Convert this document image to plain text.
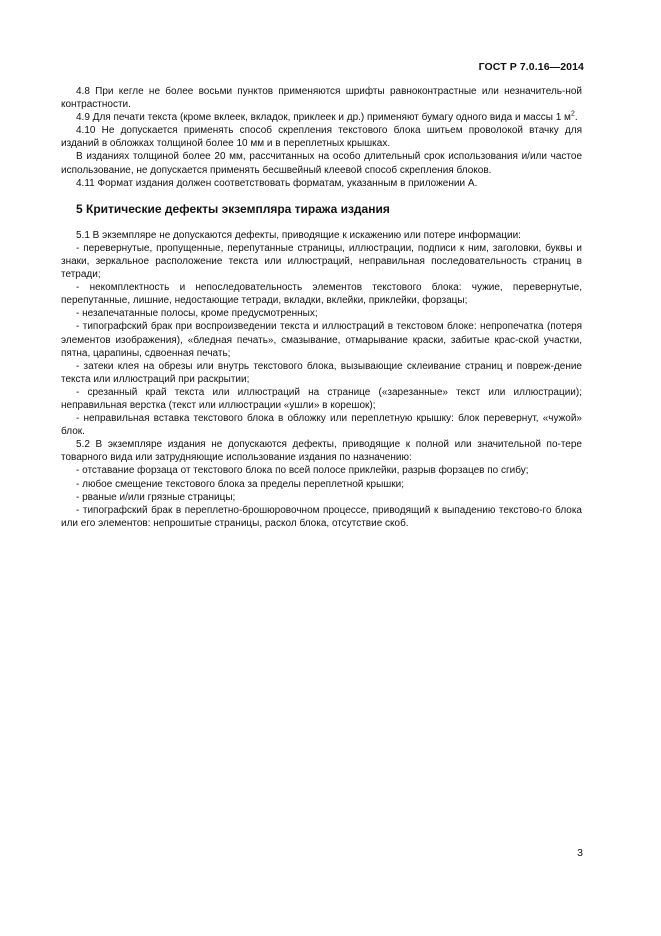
ГОСТ Р 7.0.16—2014

4.8 При кегле не более восьми пунктов применяются шрифты равноконтрастные или незначитель-ной контрастности.

4.9 Для печати текста (кроме вклеек, вкладок, приклеек и др.) применяют бумагу одного вида и массы 1 $м^2$.

4.10 Не допускается применять способ скрепления текстового блока шитьем проволокой втачку для изданий в обложках толщиной более 10 мм и в переплетных крышках.

В изданиях толщиной более 20 мм, рассчитанных на особо длительный срок использования и/или частое использование, не допускается применять бесшвейный клеевой способ скрепления блоков.

4.11 Формат издания должен соответствовать форматам, указанным в приложении А.

5 Критические дефекты экземпляра тиража издания

5.1 В экземпляре не допускаются дефекты, приводящие к искажению или потере информации:

- перевернутые, пропущенные, перепутанные страницы, иллюстрации, подписи к ним, заголовки, буквы и знаки, зеркальное расположение текста или иллюстраций, неправильная последовательность страниц в тетради;

- некомплектность и непоследовательность элементов текстового блока: чужие, перевернутые, перепутанные, лишние, недостающие тетради, вкладки, вклейки, приклейки, форзацы;

- незапечатанные полосы, кроме предусмотренных;

- типографский брак при воспроизведении текста и иллюстраций в текстовом блоке: непропечатка (потеря элементов изображения), «бледная печать», смазывание, отмарывание краски, забитые крас-ской участки, пятна, царапины, сдвоенная печать;

- затеки клея на обрезы или внутрь текстового блока, вызывающие склеивание страниц и повреж-дение текста или иллюстраций при раскрытии;

- срезанный край текста или иллюстраций на странице («зарезанные» текст или иллюстрации); неправильная верстка (текст или иллюстрации «ушли» в корешок);

- неправильная вставка текстового блока в обложку или переплетную крышку: блок перевернут, «чужой» блок.

5.2 В экземпляре издания не допускаются дефекты, приводящие к полной или значительной по-тере товарного вида или затрудняющие использование издания по назначению:

- отставание форзаца от текстового блока по всей полосе приклейки, разрыв форзацев по сгибу;

- любое смещение текстового блока за пределы переплетной крышки;

- рваные и/или грязные страницы;

- типографский брак в переплетно-брошюровочном процессе, приводящий к выпадению текстово-го блока или его элементов: непрошитые страницы, раскол блока, отсутствие скоб.

3
